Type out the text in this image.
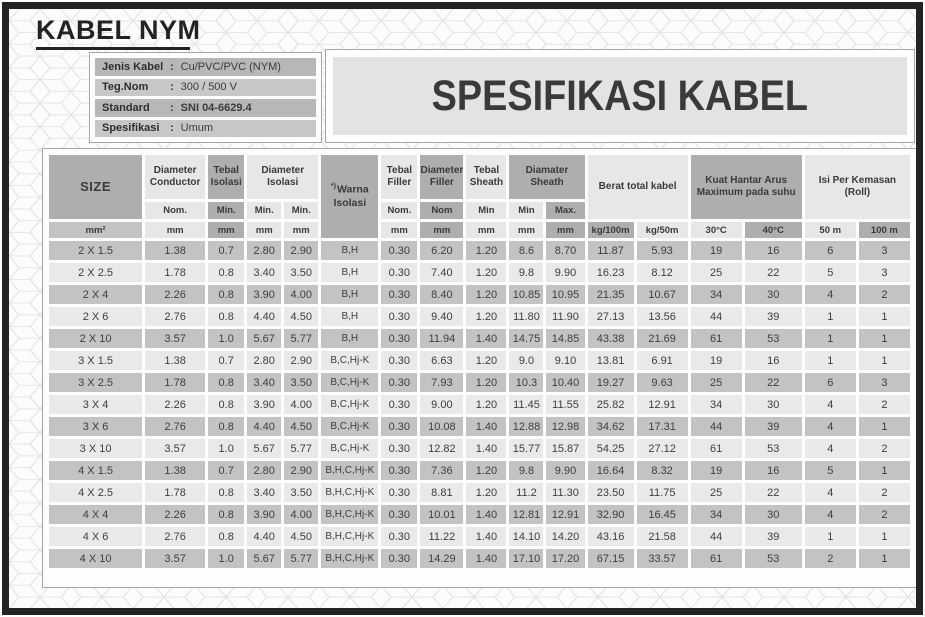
KABEL NYM
Jenis Kabel : Cu/PVC/PVC (NYM)
Teg.Nom	: 300 / 500 V
Standard	: SNI 04-6629.4
Spesifikasi : Umum
SPESIFIKASI KABEL
SIZE	Diameter Conductor	Tebal Isolasi	Diameter Isolasi		*)Warna Isolasi	Tebal Filler	Diameter Filler	Tebal Sheath	Diamater Sheath		Berat total kabel		Kuat Hantar Arus Maximum pada suhu		Isi Per Kemasan (Roll)	
	Nom.	Min.	Min.	Min.		Nom.	Nom	Min	Min	Max.						
mm²	mm	mm	mm	mm		mm	mm	mm	mm	mm	kg/100m	kg/50m	30°C	40°C	50 m	100 m
2 X 1.5	1.38	0.7	2.80	2.90	B,H	0.30	6.20	1.20	8.6	8.70	11.87	5.93	19	16	6	3
2 X 2.5	1.78	0.8	3.40	3.50	B,H	0.30	7.40	1.20	9.8	9.90	16.23	8.12	25	22	5	3
2 X 4	2.26	0.8	3.90	4.00	B,H	0.30	8.40	1.20	10.85	10.95	21.35	10.67	34	30	4	2
2 X 6	2.76	0.8	4.40	4.50	B,H	0.30	9.40	1.20	11.80	11.90	27.13	13.56	44	39	1	1
2 X 10	3.57	1.0	5.67	5.77	B,H	0.30	11.94	1.40	14.75	14.85	43.38	21.69	61	53	1	1
3 X 1.5	1.38	0.7	2.80	2.90	B,C,Hj-K	0.30	6.63	1.20	9.0	9.10	13.81	6.91	19	16	1	1
3 X 2.5	1.78	0.8	3.40	3.50	B,C,Hj-K	0.30	7.93	1.20	10.3	10.40	19.27	9.63	25	22	6	3
3 X 4	2.26	0.8	3.90	4.00	B,C,Hj-K	0.30	9.00	1.20	11.45	11.55	25.82	12.91	34	30	4	2
3 X 6	2.76	0.8	4.40	4.50	B,C,Hj-K	0.30	10.08	1.40	12.88	12.98	34.62	17.31	44	39	4	1
3 X 10	3.57	1.0	5.67	5.77	B,C,Hj-K	0.30	12.82	1.40	15.77	15.87	54.25	27.12	61	53	4	2
4 X 1.5	1.38	0.7	2.80	2.90	B,H,C,Hj-K	0.30	7.36	1.20	9.8	9.90	16.64	8.32	19	16	5	1
4 X 2.5	1.78	0.8	3.40	3.50	B,H,C,Hj-K	0.30	8.81	1.20	11.2	11.30	23.50	11.75	25	22	4	2
4 X 4	2.26	0.8	3.90	4.00	B,H,C,Hj-K	0.30	10.01	1.40	12.81	12.91	32.90	16.45	34	30	4	2
4 X 6	2.76	0.8	4.40	4.50	B,H,C,Hj-K	0.30	11.22	1.40	14.10	14.20	43.16	21.58	44	39	1	1
4 X 10	3.57	1.0	5.67	5.77	B,H,C,Hj-K	0.30	14.29	1.40	17.10	17.20	67.15	33.57	61	53	2	1
